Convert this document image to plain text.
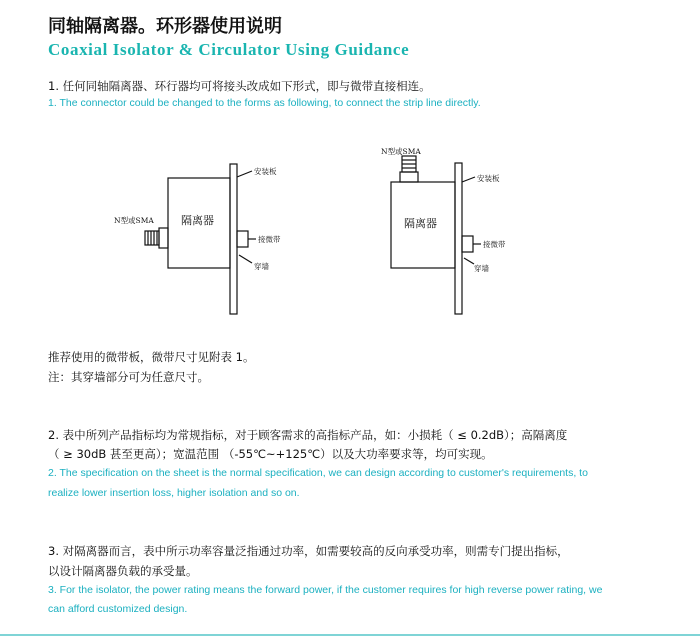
同轴隔离器。环形器使用说明
Coaxial Isolator & Circulator Using Guidance
1. 任何同轴隔离器、环行器均可将接头改成如下形式，即与微带直接相连。
1. The connector could be changed to the forms as following, to connect the strip line directly.
隔离器
N型或SMA
安装板
接微带
穿墙
隔离器
N型或SMA
安装板
接微带
穿墙
推荐使用的微带板，微带尺寸见附表 1。
注：其穿墙部分可为任意尺寸。
2. 表中所列产品指标均为常规指标，对于顾客需求的高指标产品，如：小损耗（ ≤ 0.2dB）；高隔离度
（ ≥ 30dB 甚至更高）；宽温范围 （-55℃~+125℃）以及大功率要求等，均可实现。
2. The specification on the sheet is the normal specification, we can design according to customer's requirements, to
realize lower insertion loss, higher isolation and so on.
3. 对隔离器而言，表中所示功率容量泛指通过功率，如需要较高的反向承受功率，则需专门提出指标，
以设计隔离器负载的承受量。
3. For the isolator, the power rating means the forward power, if the customer requires for high reverse power rating, we
can afford customized design.
